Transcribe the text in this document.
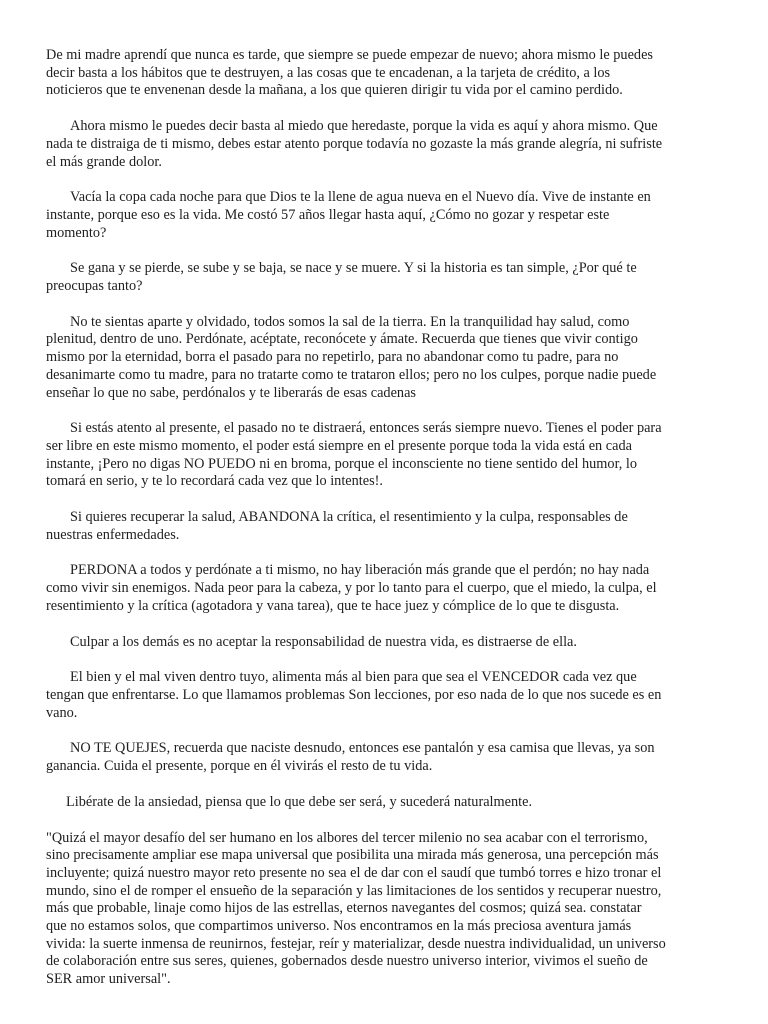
De mi madre aprendí que nunca es tarde, que siempre se puede empezar de nuevo; ahora mismo le puedes
decir basta a los hábitos que te destruyen, a las cosas que te encadenan, a la tarjeta de crédito, a los
noticieros que te envenenan desde la mañana, a los que quieren dirigir tu vida por el camino perdido.

Ahora mismo le puedes decir basta al miedo que heredaste, porque la vida es aquí y ahora mismo. Que
nada te distraiga de ti mismo, debes estar atento porque todavía no gozaste la más grande alegría, ni sufriste
el más grande dolor.

Vacía la copa cada noche para que Dios te la llene de agua nueva en el Nuevo día. Vive de instante en
instante, porque eso es la vida. Me costó 57 años llegar hasta aquí, ¿Cómo no gozar y respetar este
momento?

Se gana y se pierde, se sube y se baja, se nace y se muere. Y si la historia es tan simple, ¿Por qué te
preocupas tanto?

No te sientas aparte y olvidado, todos somos la sal de la tierra. En la tranquilidad hay salud, como
plenitud, dentro de uno. Perdónate, acéptate, reconócete y ámate. Recuerda que tienes que vivir contigo
mismo por la eternidad, borra el pasado para no repetirlo, para no abandonar como tu padre, para no
desanimarte como tu madre, para no tratarte como te trataron ellos; pero no los culpes, porque nadie puede
enseñar lo que no sabe, perdónalos y te liberarás de esas cadenas

Si estás atento al presente, el pasado no te distraerá, entonces serás siempre nuevo. Tienes el poder para
ser libre en este mismo momento, el poder está siempre en el presente porque toda la vida está en cada
instante, ¡Pero no digas NO PUEDO ni en broma, porque el inconsciente no tiene sentido del humor, lo
tomará en serio, y te lo recordará cada vez que lo intentes!.

Si quieres recuperar la salud, ABANDONA la crítica, el resentimiento y la culpa, responsables de
nuestras enfermedades.

PERDONA a todos y perdónate a ti mismo, no hay liberación más grande que el perdón; no hay nada
como vivir sin enemigos. Nada peor para la cabeza, y por lo tanto para el cuerpo, que el miedo, la culpa, el
resentimiento y la crítica (agotadora y vana tarea), que te hace juez y cómplice de lo que te disgusta.

Culpar a los demás es no aceptar la responsabilidad de nuestra vida, es distraerse de ella.

El bien y el mal viven dentro tuyo, alimenta más al bien para que sea el VENCEDOR cada vez que
tengan que enfrentarse. Lo que llamamos problemas Son lecciones, por eso nada de lo que nos sucede es en
vano.

NO TE QUEJES, recuerda que naciste desnudo, entonces ese pantalón y esa camisa que llevas, ya son
ganancia. Cuida el presente, porque en él vivirás el resto de tu vida.

Libérate de la ansiedad, piensa que lo que debe ser será, y sucederá naturalmente.

"Quizá el mayor desafío del ser humano en los albores del tercer milenio no sea acabar con el terrorismo,
sino precisamente ampliar ese mapa universal que posibilita una mirada más generosa, una percepción más
incluyente; quizá nuestro mayor reto presente no sea el de dar con el saudí que tumbó torres e hizo tronar el
mundo, sino el de romper el ensueño de la separación y las limitaciones de los sentidos y recuperar nuestro,
más que probable, linaje como hijos de las estrellas, eternos navegantes del cosmos; quizá sea. constatar
que no estamos solos, que compartimos universo. Nos encontramos en la más preciosa aventura jamás
vivida: la suerte inmensa de reunirnos, festejar, reír y materializar, desde nuestra individualidad, un universo
de colaboración entre sus seres, quienes, gobernados desde nuestro universo interior, vivimos el sueño de
SER amor universal".
